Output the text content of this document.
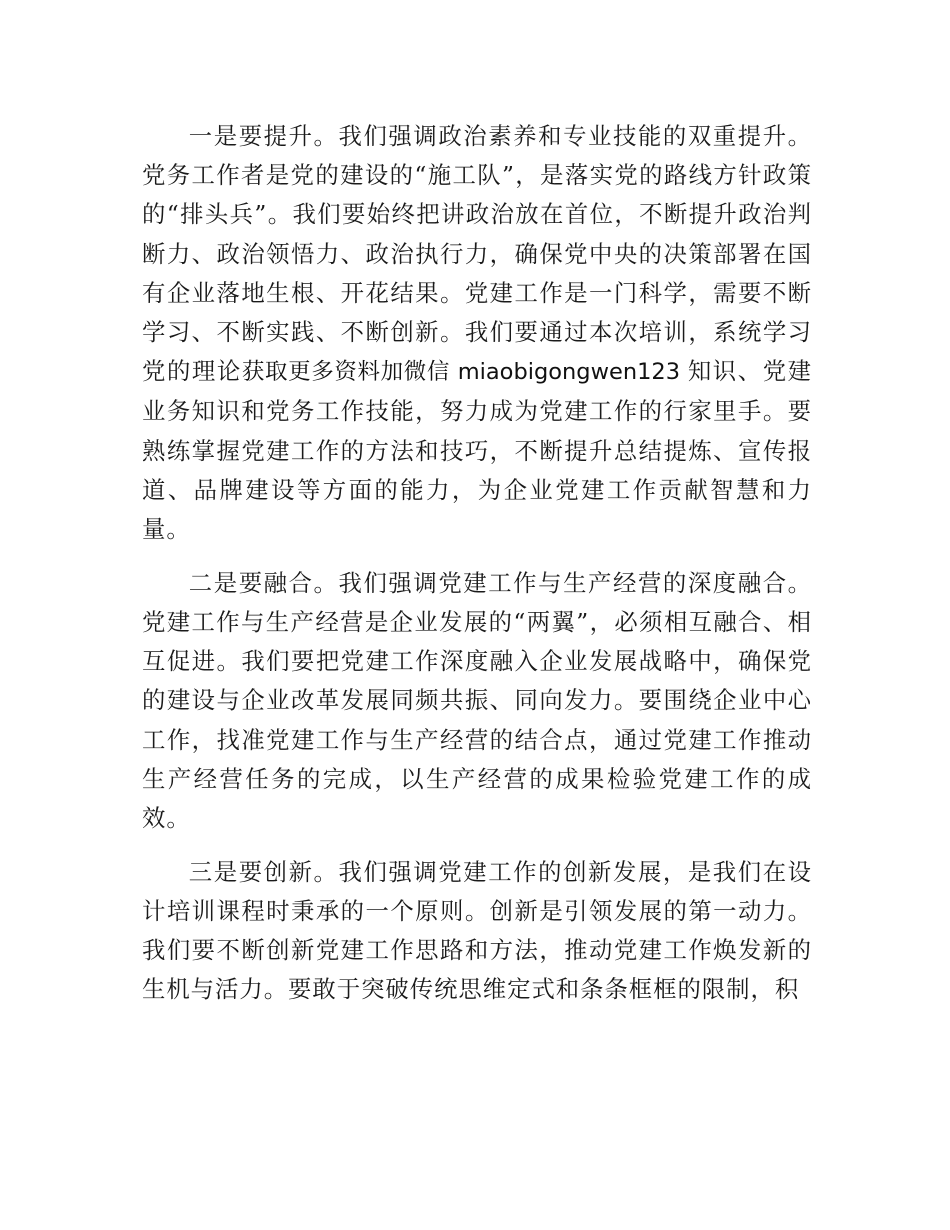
一是要提升。我们强调政治素养和专业技能的双重提升。党务工作者是党的建设的“施工队”，是落实党的路线方针政策的“排头兵”。我们要始终把讲政治放在首位，不断提升政治判断力、政治领悟力、政治执行力，确保党中央的决策部署在国有企业落地生根、开花结果。党建工作是一门科学，需要不断学习、不断实践、不断创新。我们要通过本次培训，系统学习党的理论获取更多资料加微信 miaobigongwen123 知识、党建业务知识和党务工作技能，努力成为党建工作的行家里手。要熟练掌握党建工作的方法和技巧，不断提升总结提炼、宣传报道、品牌建设等方面的能力，为企业党建工作贡献智慧和力量。

二是要融合。我们强调党建工作与生产经营的深度融合。党建工作与生产经营是企业发展的“两翼”，必须相互融合、相互促进。我们要把党建工作深度融入企业发展战略中，确保党的建设与企业改革发展同频共振、同向发力。要围绕企业中心工作，找准党建工作与生产经营的结合点，通过党建工作推动生产经营任务的完成，以生产经营的成果检验党建工作的成效。

三是要创新。我们强调党建工作的创新发展，是我们在设计培训课程时秉承的一个原则。创新是引领发展的第一动力。我们要不断创新党建工作思路和方法，推动党建工作焕发新的生机与活力。要敢于突破传统思维定式和条条框框的限制，积
